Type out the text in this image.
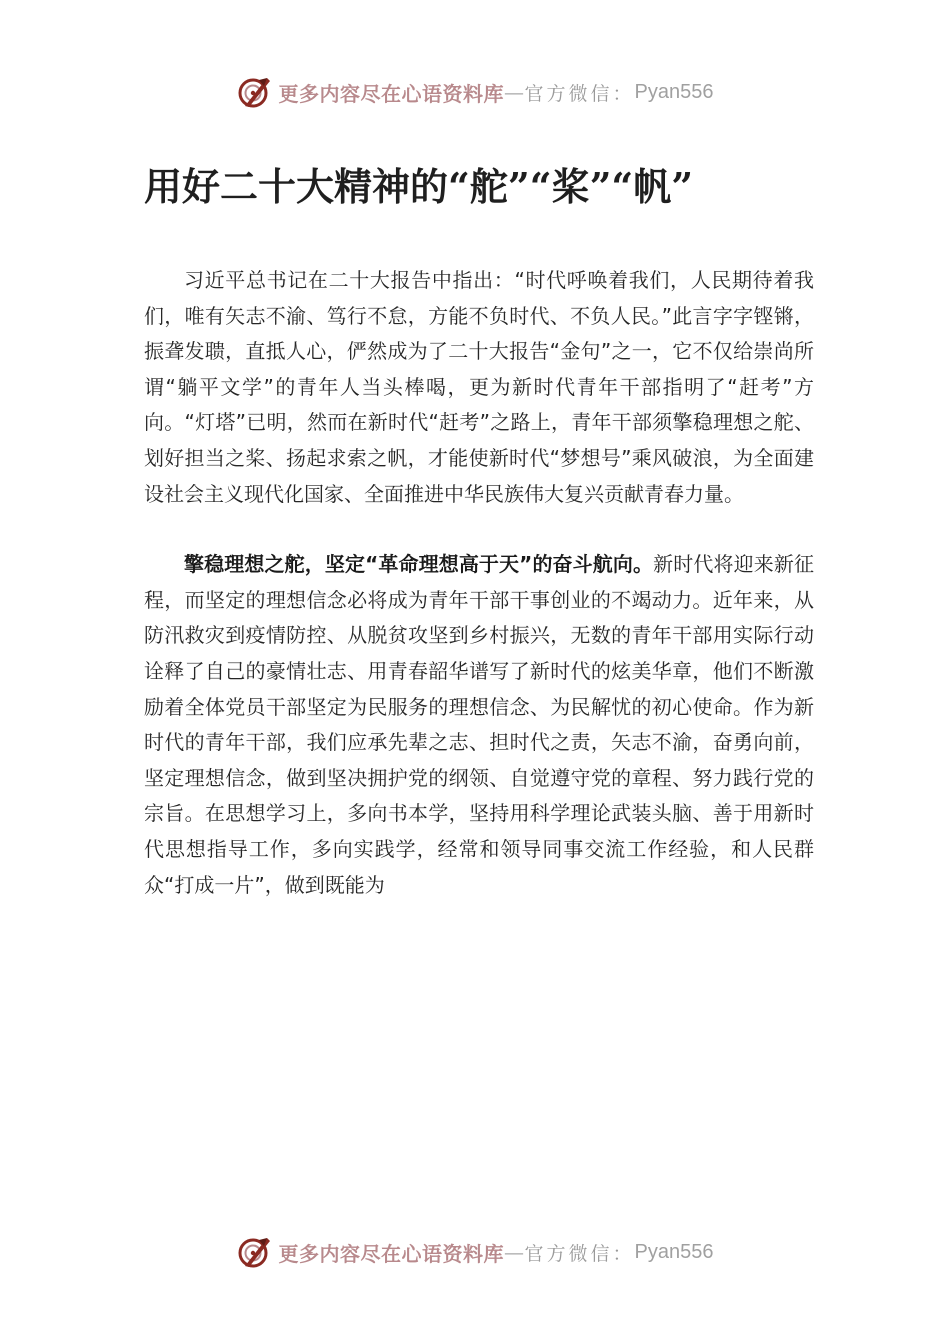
更多内容尽在心语资料库 — 官方微信： Pyan556
用好二十大精神的“舵”“桨”“帆”

习近平总书记在二十大报告中指出：“时代呼唤着我们，人民期待着我们，唯有矢志不渝、笃行不怠，方能不负时代、不负人民。”此言字字铿锵，振聋发聩，直抵人心，俨然成为了二十大报告“金句”之一，它不仅给崇尚所谓“躺平文学”的青年人当头棒喝，更为新时代青年干部指明了“赶考”方向。“灯塔”已明，然而在新时代“赶考”之路上，青年干部须擎稳理想之舵、划好担当之桨、扬起求索之帆，才能使新时代“梦想号”乘风破浪，为全面建设社会主义现代化国家、全面推进中华民族伟大复兴贡献青春力量。

擎稳理想之舵，坚定“革命理想高于天”的奋斗航向。新时代将迎来新征程，而坚定的理想信念必将成为青年干部干事创业的不竭动力。近年来，从防汛救灾到疫情防控、从脱贫攻坚到乡村振兴，无数的青年干部用实际行动诠释了自己的豪情壮志、用青春韶华谱写了新时代的炫美华章，他们不断激励着全体党员干部坚定为民服务的理想信念、为民解忧的初心使命。作为新时代的青年干部，我们应承先辈之志、担时代之责，矢志不渝，奋勇向前，坚定理想信念，做到坚决拥护党的纲领、自觉遵守党的章程、努力践行党的宗旨。在思想学习上，多向书本学，坚持用科学理论武装头脑、善于用新时代思想指导工作，多向实践学，经常和领导同事交流工作经验，和人民群众“打成一片”，做到既能为

更多内容尽在心语资料库 — 官方微信： Pyan556
